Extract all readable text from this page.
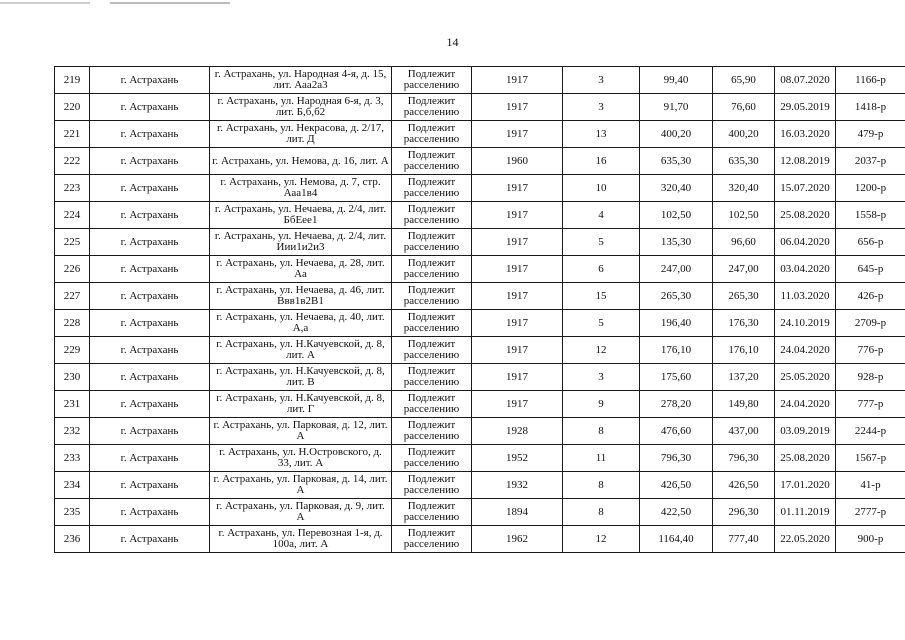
14
219	г. Астрахань	г. Астрахань, ул. Народная 4-я, д. 15, лит. Ааа2а3	Подлежит расселению	1917	3	99,40	65,90	08.07.2020	1166-р
220	г. Астрахань	г. Астрахань, ул. Народная 6-я, д. 3, лит. Б,б,б2	Подлежит расселению	1917	3	91,70	76,60	29.05.2019	1418-р
221	г. Астрахань	г. Астрахань, ул. Некрасова, д. 2/17, лит. Д	Подлежит расселению	1917	13	400,20	400,20	16.03.2020	479-р
222	г. Астрахань	г. Астрахань, ул. Немова, д. 16, лит. А	Подлежит расселению	1960	16	635,30	635,30	12.08.2019	2037-р
223	г. Астрахань	г. Астрахань, ул. Немова, д. 7, стр. Ааа1в4	Подлежит расселению	1917	10	320,40	320,40	15.07.2020	1200-р
224	г. Астрахань	г. Астрахань, ул. Нечаева, д. 2/4, лит. БбЕее1	Подлежит расселению	1917	4	102,50	102,50	25.08.2020	1558-р
225	г. Астрахань	г. Астрахань, ул. Нечаева, д. 2/4, лит. Иии1и2и3	Подлежит расселению	1917	5	135,30	96,60	06.04.2020	656-р
226	г. Астрахань	г. Астрахань, ул. Нечаева, д. 28, лит. Аа	Подлежит расселению	1917	6	247,00	247,00	03.04.2020	645-р
227	г. Астрахань	г. Астрахань, ул. Нечаева, д. 46, лит. Ввв1в2В1	Подлежит расселению	1917	15	265,30	265,30	11.03.2020	426-р
228	г. Астрахань	г. Астрахань, ул. Нечаева, д. 40, лит. А,а	Подлежит расселению	1917	5	196,40	176,30	24.10.2019	2709-р
229	г. Астрахань	г. Астрахань, ул. Н.Качуевской, д. 8, лит. А	Подлежит расселению	1917	12	176,10	176,10	24.04.2020	776-р
230	г. Астрахань	г. Астрахань, ул. Н.Качуевской, д. 8, лит. В	Подлежит расселению	1917	3	175,60	137,20	25.05.2020	928-р
231	г. Астрахань	г. Астрахань, ул. Н.Качуевской, д. 8, лит. Г	Подлежит расселению	1917	9	278,20	149,80	24.04.2020	777-р
232	г. Астрахань	г. Астрахань, ул. Парковая, д. 12, лит. А	Подлежит расселению	1928	8	476,60	437,00	03.09.2019	2244-р
233	г. Астрахань	г. Астрахань, ул. Н.Островского, д. 33, лит. А	Подлежит расселению	1952	11	796,30	796,30	25.08.2020	1567-р
234	г. Астрахань	г. Астрахань, ул. Парковая, д. 14, лит. А	Подлежит расселению	1932	8	426,50	426,50	17.01.2020	41-р
235	г. Астрахань	г. Астрахань, ул. Парковая, д. 9, лит. А	Подлежит расселению	1894	8	422,50	296,30	01.11.2019	2777-р
236	г. Астрахань	г. Астрахань, ул. Перевозная 1-я, д. 100а, лит. А	Подлежит расселению	1962	12	1164,40	777,40	22.05.2020	900-р
